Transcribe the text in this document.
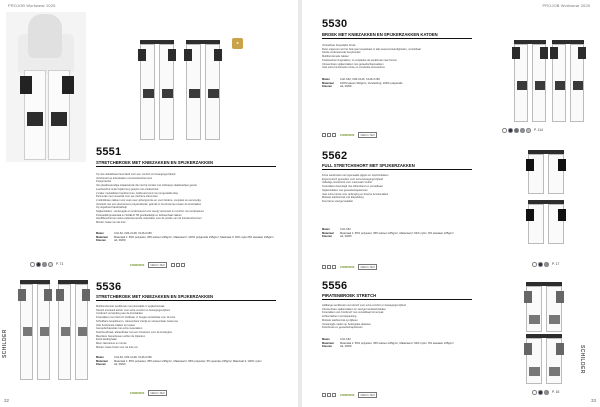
PROJOB Workwear 2025
★
5551
STRETCHBROEK MET KNIEZAKKEN EN SPIJKERZAKKEN
Op niet-uitlokkbaar bevorderd voor een comfort en bewegingsvrijheid
Voorbereid op kniestukken met kniebeschermers
Knieprotectie
Van plastbestendige inlaatsstrook die niet bij contact met stofwanje slaatboethjes gerato
Leerbeschut onder bijde heup gesprit met ontdoerheid
2 zaker metstelbare handrommen, beldeverzurmd met omgestelde klep
Pennezak met mouwzak voor per-zachtere inkomsten
2 uitknikbare zakken voor veel meer opbergruimte en voor heldere, compleet en eenvoudig.
Versterkt met een duurzamere polyamidezak, gebruik in het kruismes tussen de kniezakken
Op uitgebreid handzakhulp
Spijkerzakken, verstevigde en ondersteund voor stevig vertrouwd en comfort. Het ondersteunt
Kniepaddingmateriaal en SHIELD TM gestiketkelijk en fellowerhaal zakken
Hoofdbeschermer wekt-ondersteunende materialen voor de positie van de kniebeschermers
Minder zwaar van de knie
Maten	C44-62, C84-C128, C146-C156
Materiaal	Materiaal 1: 65% polyester, 35% katoen 245g/m², Materiaal 2: 100% polyamide 245g/m², Materiaal 3: 92% nylon 8% elastaan 245g/m²
Kleuren	wit, 09/09
P. 71	CODE5000	OEKO-TEX
5536
STRETCHBROEK MET KNIEZAKKEN EN SPIJKERZAKKEN
Multifunctionele werkbroek met plooiwijdte in spijkerbiezaak
Stretch inzetstuk achter voor extra comfort en bewegingsvrijheid
Cordura® versterking aan de kniezakken
Kniezakken met Velcro® sluitbaar, in hoogte verstelbaar voor de knie
Schuifbare heupkleuren, uitneembare ziterijs en uitneembaar zware tas
Vele functionele zakken en lussen
Gereedschapszak met extra mesvakken
Duimbouzhaak, afstandbaar met een broekrem voor de knielogica
Meerdere hamerlussen achter de zijkanten
Extra kledinghaak
Meer zakvolume en ruimte
Minder zware broek voor de knie om
Maten	C44-62, C84-C128, C146-C156
Materiaal	Materiaal 1: 65% polyester, 35% katoen 245g/m², Materiaal 2: 95% polyester, 5% spandex 245g/m² Materiaal 3: 100% nylon
Kleuren	wit, 09/09
CODE5000	OEKO-TEX
SCHILDER
32
PROJOB Workwear 2025
5530
BROEK MET KNIEZAKKEN EN SPIJKERZAKKEN KATOEN
Verstelbare heupwijdte broek
Ruim uitgerust met het hele jaar toepasbaar in alle weersomstandigheden, verstelbaar
Sterke ondersteunde heupbundel
Multifunctionele zakken
Kniebeschermingzakken, zo verplaatst de werkbroek naar binnen
Uitneembare spijkerzakken met gereedschapsvakken
Veel extra functionele ruimte en versterkte accessoires
Maten	C42-C62, C84-C126, C146-C156
Materiaal	100% katoen 340g/m², Versterking: 100% polyamide
Kleuren	wit, 09/09
P. 114
CODE5000	OEKO-TEX
5562
FULL STRETCHSHORT MET SPIJKERZAKKEN
Korte werkbroek met ingenaaide pijpjes en stretchstukken
Ergonomisch gesneden voor extra bewegingsvrijheid
Volledige stretchstof voor maximaal comfort
Kniezakken bevestigd met klittenband en verstelbaar
Spijkerzakken met gereedschapslussen
Veel extra ruimte voor opberging en diverse functionaliteit
Mobiele telefoonzak met klepsluiting
Duurzame stevige kwaliteit
Maten	C44-C62
Materiaal	Materiaal 1: 65% polyester, 35% katoen 245g/m², Materiaal 2: 92% nylon, 8% elastaan 245g/m²
Kleuren	wit, 09/09
P. 17
CODE5000	OEKO-TEX
5556
PIRATENBROEK STRETCH
Halflange werkbroek met stretch voor extra comfort en bewegingsvrijheid
Uitneembare spijkerzakken en stevige handwerkzakken
Kniezakken van Cordura® met verstelbaar binnenvak
Achterzakken met klepsluiting
Mobiele telefoonzak op dijbeen
Verstevigde naden op belangrijke plaatsen
Duimbroek en gereedschapslussen
Maten	C44-C62
Materiaal	Materiaal 1: 65% polyester, 35% katoen 245g/m², Materiaal 2: 92% nylon, 8% elastaan 245g/m²
Kleuren	wit, 09/09
P. 16
CODE5000	OEKO-TEX
SCHILDER
33
